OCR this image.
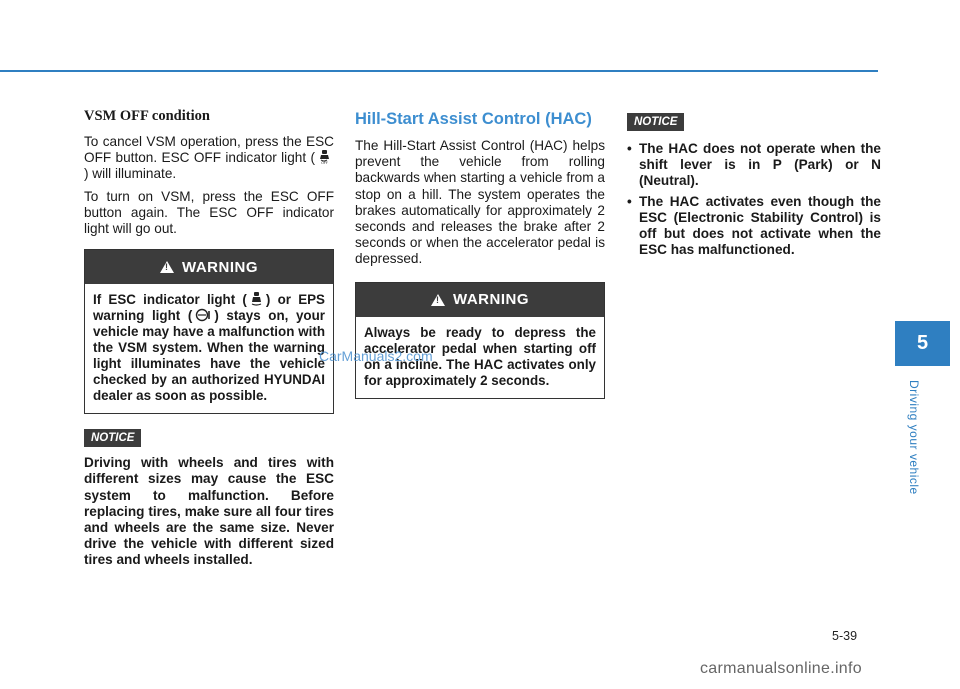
VSM OFF condition

To cancel VSM operation, press the ESC OFF button. ESC OFF indicator light ( OFF
) will illuminate.

To turn on VSM, press the ESC OFF button again. The ESC OFF indicator light will go out.

!
WARNING
If ESC indicator light ( ) or EPS warning light ( ) stays on, your vehicle may have a malfunction with the VSM system. When the warning light illuminates have the vehicle checked by an authorized HYUNDAI dealer as soon as possible.
NOTICE

Driving with wheels and tires with different sizes may cause the ESC system to malfunction. Before replacing tires, make sure all four tires and wheels are the same size. Never drive the vehicle with different sized tires and wheels installed.

Hill-Start Assist Control (HAC)

The Hill-Start Assist Control (HAC) helps prevent the vehicle from rolling backwards when starting a vehicle from a stop on a hill. The system operates the brakes automatically for approximately 2 seconds and releases the brake after 2 seconds or when the accelerator pedal is depressed.

!
WARNING
Always be ready to depress the accelerator pedal when starting off on a incline. The HAC activates only for approximately 2 seconds.
NOTICE
• The HAC does not operate when the shift lever is in P (Park) or N (Neutral).
• The HAC activates even though the ESC (Electronic Stability Control) is off but does not activate when the ESC has malfunctioned.
5
Driving your vehicle
5-39
CarManuals2.com
carmanualsonline.info
